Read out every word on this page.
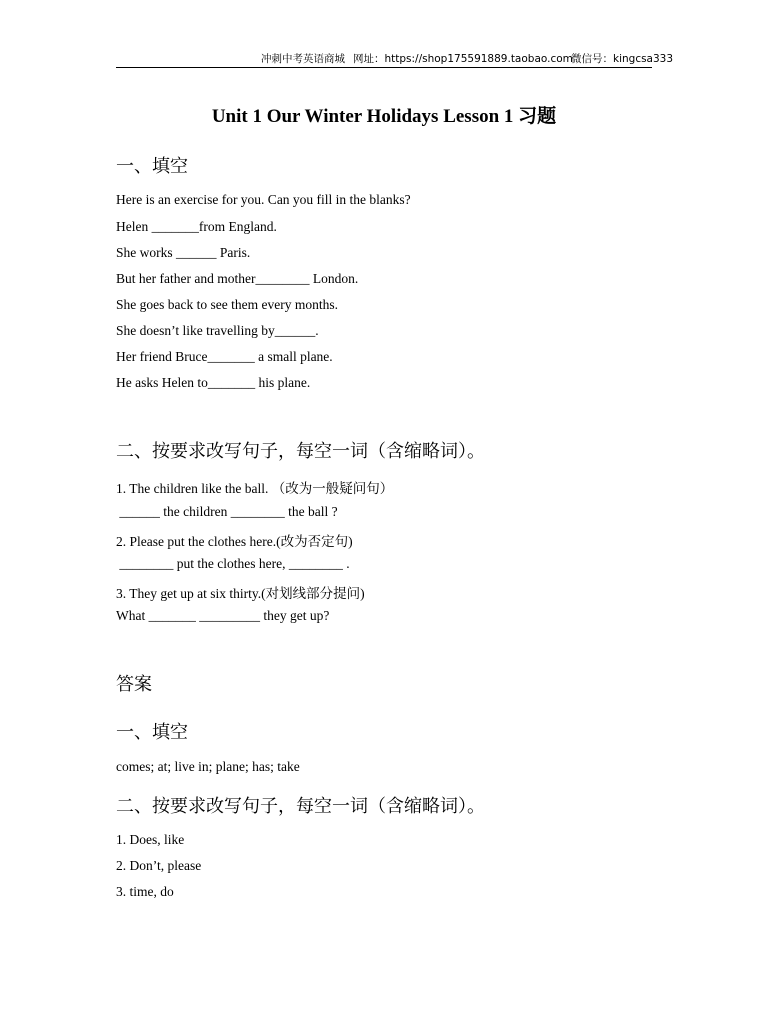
冲刺中考英语商城 网址：https://shop175591889.taobao.com
微信号：kingcsa333
Unit 1 Our Winter Holidays Lesson 1 习题
一、填空
Here is an exercise for you. Can you fill in the blanks?
Helen _______from England.
She works ______ Paris.
But her father and mother________ London.
She goes back to see them every months.
She doesn’t like travelling by______.
Her friend Bruce_______ a small plane.
He asks Helen to_______ his plane.
二、按要求改写句子，每空一词（含缩略词）。
1. The children like the ball. （改为一般疑问句）
______ the children ________ the ball ?
2. Please put the clothes here.(改为否定句)
________ put the clothes here, ________ .
3. They get up at six thirty.(对划线部分提问)
What _______ _________ they get up?
答案
一、填空
comes; at; live in; plane; has; take
二、按要求改写句子，每空一词（含缩略词）。
1. Does, like
2. Don’t, please
3. time, do
